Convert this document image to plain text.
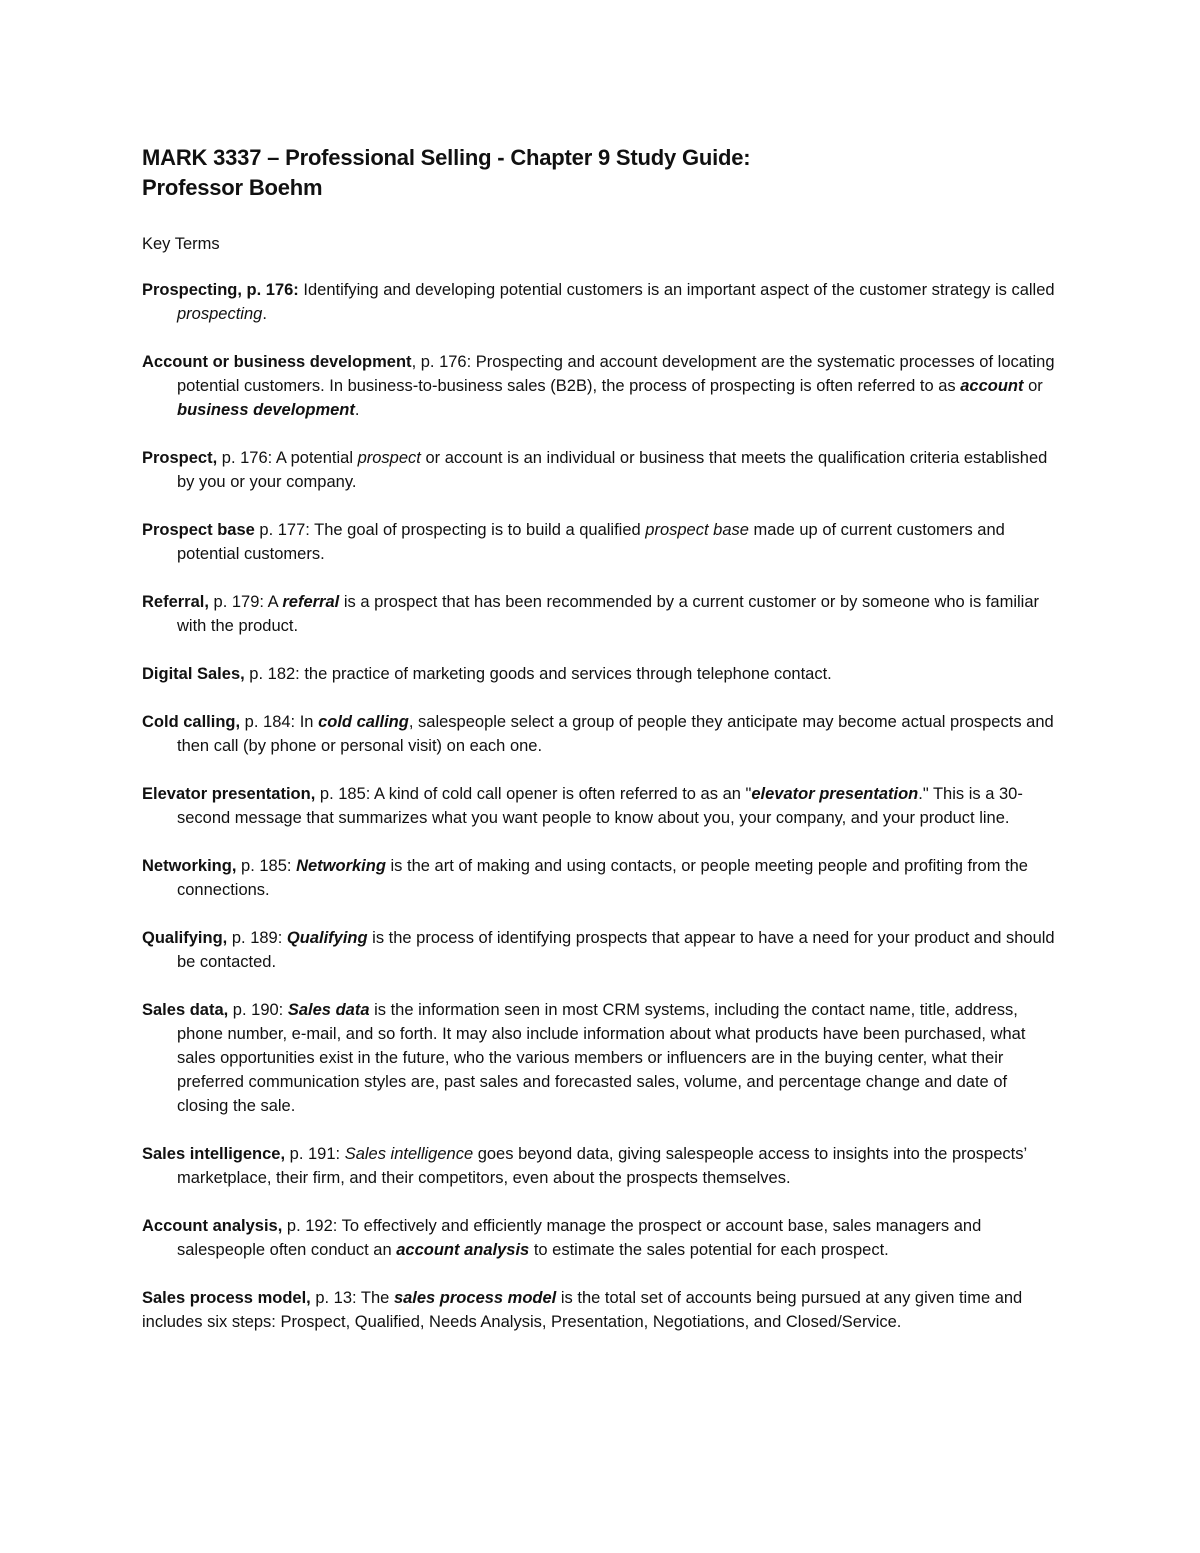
MARK 3337 – Professional Selling - Chapter 9 Study Guide:
Professor Boehm
Key Terms

Prospecting, p. 176: Identifying and developing potential customers is an important aspect of the customer strategy is called prospecting.

Account or business development, p. 176: Prospecting and account development are the systematic processes of locating potential customers. In business-to-business sales (B2B), the process of prospecting is often referred to as account or business development.

Prospect, p. 176: A potential prospect or account is an individual or business that meets the qualification criteria established by you or your company.

Prospect base p. 177: The goal of prospecting is to build a qualified prospect base made up of current customers and potential customers.

Referral, p. 179: A referral is a prospect that has been recommended by a current customer or by someone who is familiar with the product.

Digital Sales, p. 182: the practice of marketing goods and services through telephone contact.

Cold calling, p. 184: In cold calling, salespeople select a group of people they anticipate may become actual prospects and then call (by phone or personal visit) on each one.

Elevator presentation, p. 185: A kind of cold call opener is often referred to as an "elevator presentation." This is a 30-second message that summarizes what you want people to know about you, your company, and your product line.

Networking, p. 185: Networking is the art of making and using contacts, or people meeting people and profiting from the connections.

Qualifying, p. 189: Qualifying is the process of identifying prospects that appear to have a need for your product and should be contacted.

Sales data, p. 190: Sales data is the information seen in most CRM systems, including the contact name, title, address, phone number, e-mail, and so forth. It may also include information about what products have been purchased, what sales opportunities exist in the future, who the various members or influencers are in the buying center, what their preferred communication styles are, past sales and forecasted sales, volume, and percentage change and date of closing the sale.

Sales intelligence, p. 191: Sales intelligence goes beyond data, giving salespeople access to insights into the prospects’ marketplace, their firm, and their competitors, even about the prospects themselves.

Account analysis, p. 192: To effectively and efficiently manage the prospect or account base, sales managers and salespeople often conduct an account analysis to estimate the sales potential for each prospect.

Sales process model, p. 13: The sales process model is the total set of accounts being pursued at any given time and includes six steps: Prospect, Qualified, Needs Analysis, Presentation, Negotiations, and Closed/Service.
